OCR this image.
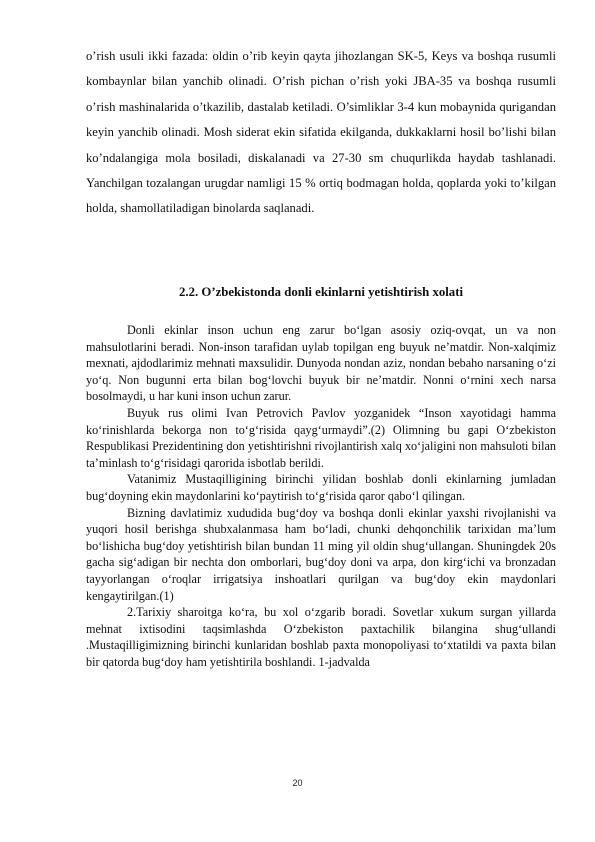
o’rish usuli ikki fazada: oldin o’rib keyin qayta jihozlangan SK-5, Keys va boshqa rusumli kombaynlar bilan yanchib olinadi. O’rish pichan o’rish yoki JBA-35 va boshqa rusumli o’rish mashinalarida o’tkazilib, dastalab ketiladi. O’simliklar 3-4 kun mobaynida qurigandan keyin yanchib olinadi. Mosh siderat ekin sifatida ekilganda, dukkaklarni hosil bo’lishi bilan ko’ndalangiga mola bosiladi, diskalanadi va 27-30 sm chuqurlikda haydab tashlanadi. Yanchilgan tozalangan urugdar namligi 15 % ortiq bodmagan holda, qoplarda yoki to’kilgan holda, shamollatiladigan binolarda saqlanadi.

2.2. O’zbekistonda donli ekinlarni yetishtirish xolati

Donli ekinlar inson uchun eng zarur bo‘lgan asosiy oziq-ovqat, un va non mahsulotlarini beradi. Non-inson tarafidan uylab topilgan eng buyuk ne’matdir. Non-xalqimiz mexnati, ajdodlarimiz mehnati maxsulidir. Dunyoda nondan aziz, nondan bebaho narsaning o‘zi yo‘q. Non bugunni erta bilan bog‘lovchi buyuk bir ne’matdir. Nonni o‘rnini xech narsa bosolmaydi, u har kuni inson uchun zarur.

Buyuk rus olimi Ivan Petrovich Pavlov yozganidek “Inson xayotidagi hamma ko‘rinishlarda bekorga non to‘g‘risida qayg‘urmaydi”.(2) Olimning bu gapi O‘zbekiston Respublikasi Prezidentining don yetishtirishni rivojlantirish xalq xo‘jaligini non mahsuloti bilan ta’minlash to‘g‘risidagi qarorida isbotlab berildi.

Vatanimiz Mustaqilligining birinchi yilidan boshlab donli ekinlarning jumladan bug‘doyning ekin maydonlarini ko‘paytirish to‘g‘risida qaror qabo‘l qilingan.

Bizning davlatimiz xududida bug‘doy va boshqa donli ekinlar yaxshi rivojlanishi va yuqori hosil berishga shubxalanmasa ham bo‘ladi, chunki dehqonchilik tarixidan ma’lum bo‘lishicha bug‘doy yetishtirish bilan bundan 11 ming yil oldin shug‘ullangan. Shuningdek 20s gacha sig‘adigan bir nechta don omborlari, bug‘doy doni va arpa, don kirg‘ichi va bronzadan tayyorlangan o‘roqlar irrigatsiya inshoatlari qurilgan va bug‘doy ekin maydonlari kengaytirilgan.(1)

2.Tarixiy sharoitga ko‘ra, bu xol o‘zgarib boradi. Sovetlar xukum surgan yillarda mehnat ixtisodini taqsimlashda O‘zbekiston paxtachilik bilangina shug‘ullandi .Mustaqilligimizning birinchi kunlaridan boshlab paxta monopoliyasi to‘xtatildi va paxta bilan bir qatorda bug‘doy ham yetishtirila boshlandi. 1-jadvalda

20
